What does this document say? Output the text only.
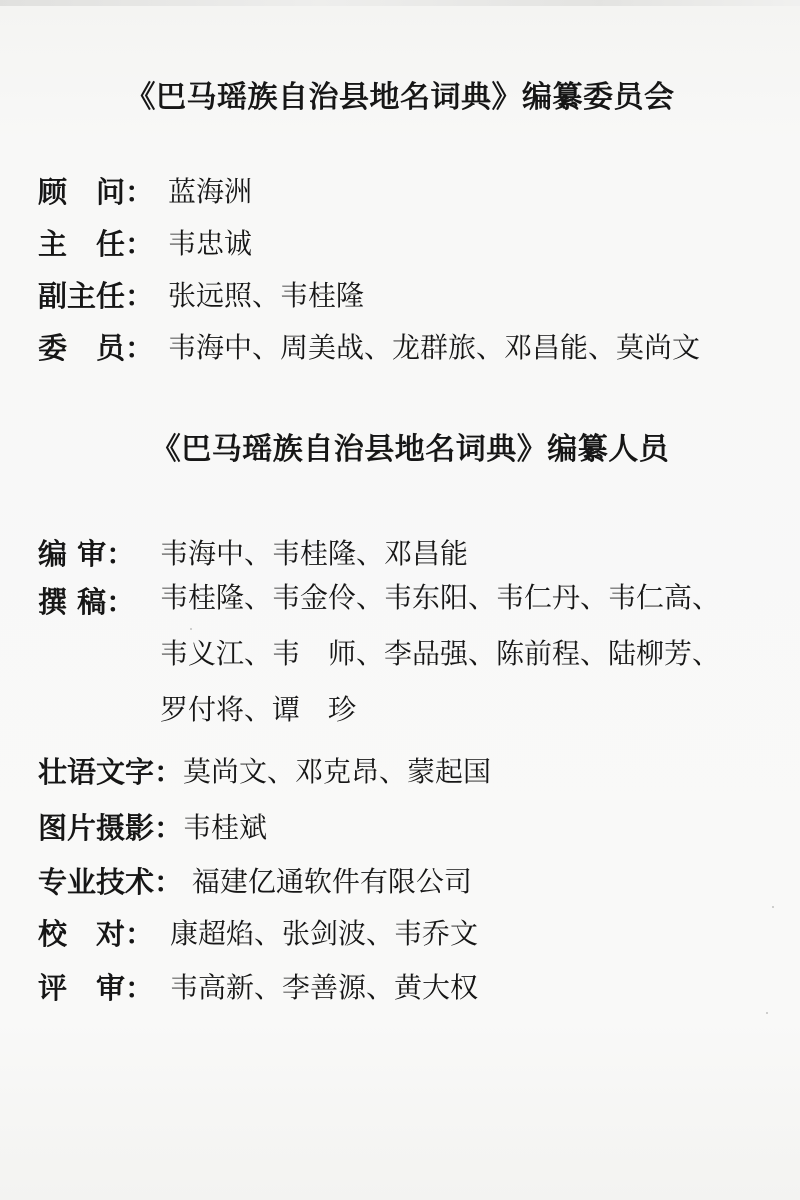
《巴马瑶族自治县地名词典》编纂委员会
顾　问： 蓝海洲
主　任： 韦忠诚
副主任： 张远照、韦桂隆
委　员： 韦海中、周美战、龙群旅、邓昌能、莫尚文
《巴马瑶族自治县地名词典》编纂人员
编 审： 韦海中、韦桂隆、邓昌能
撰 稿： 韦桂隆、韦金伶、韦东阳、韦仁丹、韦仁高、
韦义江、韦　师、李品强、陈前程、陆柳芳、
罗付将、谭　珍
壮语文字： 莫尚文、邓克昂、蒙起国
图片摄影： 韦桂斌
专业技术： 福建亿通软件有限公司
校　对： 康超焰、张剑波、韦乔文
评　审： 韦高新、李善源、黄大权
